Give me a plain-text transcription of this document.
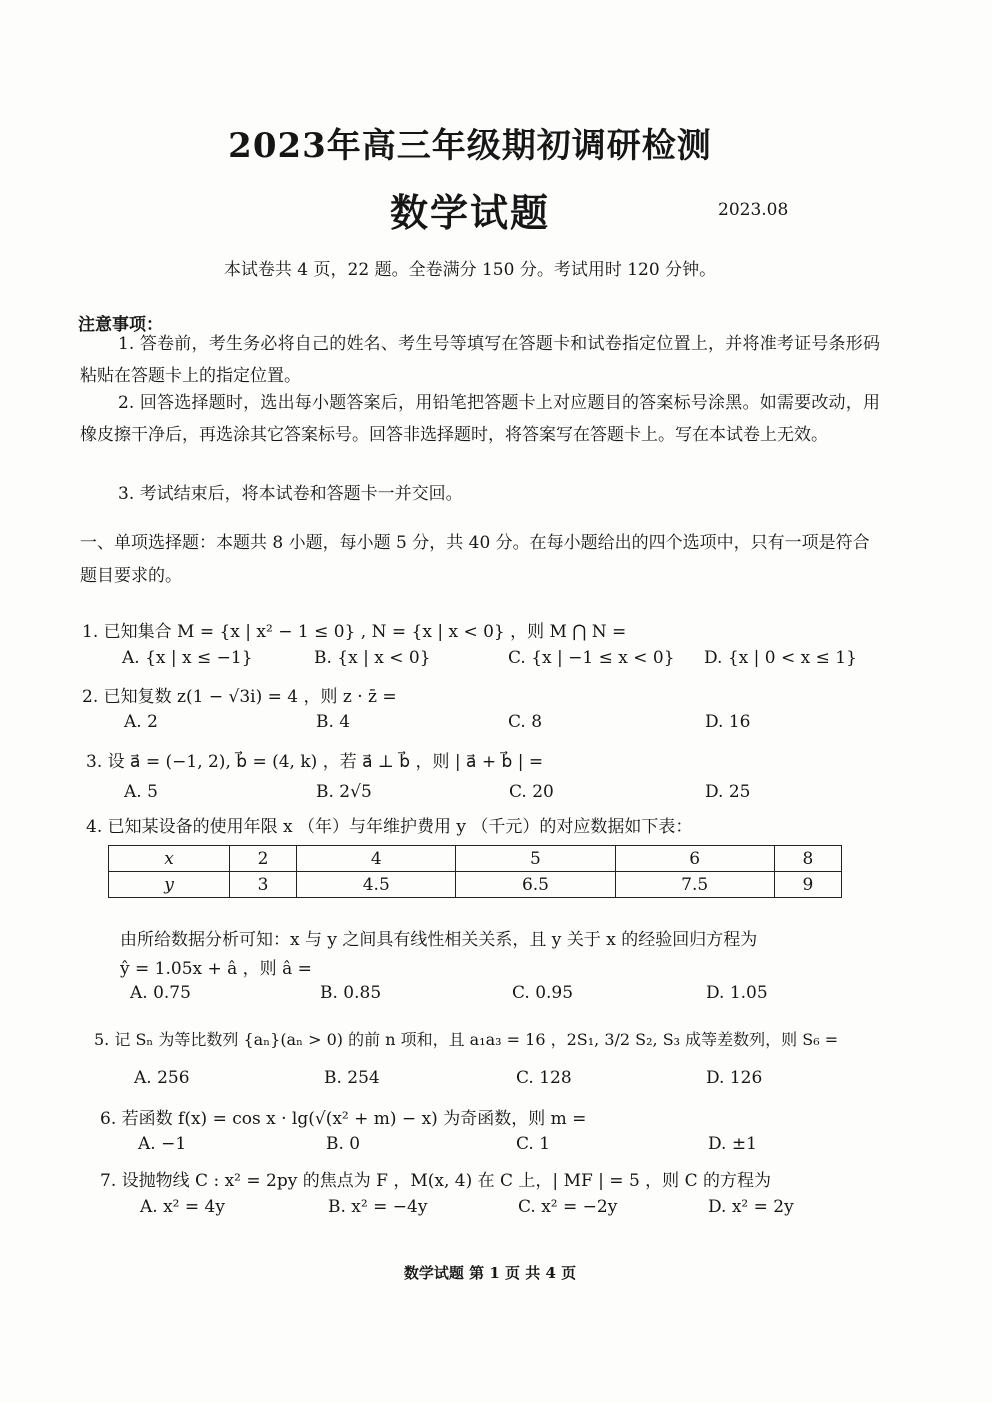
2023年高三年级期初调研检测
数学试题	2023.08
本试卷共 4 页，22 题。全卷满分 150 分。考试用时 120 分钟。
注意事项：
1. 答卷前，考生务必将自己的姓名、考生号等填写在答题卡和试卷指定位置上，并将准考证号条形码粘贴在答题卡上的指定位置。
2. 回答选择题时，选出每小题答案后，用铅笔把答题卡上对应题目的答案标号涂黑。如需要改动，用橡皮擦干净后，再选涂其它答案标号。回答非选择题时，将答案写在答题卡上。写在本试卷上无效。
3. 考试结束后，将本试卷和答题卡一并交回。
一、单项选择题：本题共 8 小题，每小题 5 分，共 40 分。在每小题给出的四个选项中，只有一项是符合题目要求的。
1. 已知集合 M = {x | x² − 1 ≤ 0} , N = {x | x < 0} ，则 M ⋂ N =
A. {x | x ≤ −1}	B. {x | x < 0}	C. {x | −1 ≤ x < 0} D. {x | 0 < x ≤ 1}
2. 已知复数 z(1 − √3i) = 4 ，则 z · z̄ =
A. 2	B. 4	C. 8	D. 16
3. 设 a⃗ = (−1, 2), b⃗ = (4, k) ，若 a⃗ ⊥ b⃗ ，则 | a⃗ + b⃗ | =
A. 5	B. 2√5	C. 20	D. 25
4. 已知某设备的使用年限 x （年）与年维护费用 y （千元）的对应数据如下表：
x	2	4	5	6	8
y	3	4.5	6.5	7.5	9
由所给数据分析可知：x 与 y 之间具有线性相关关系，且 y 关于 x 的经验回归方程为
ŷ = 1.05x + â ，则 â =
A. 0.75	B. 0.85	C. 0.95	D. 1.05
5. 记 Sₙ 为等比数列 {aₙ}(aₙ > 0) 的前 n 项和，且 a₁a₃ = 16 ，2S₁, 3/2 S₂, S₃ 成等差数列，则 S₆ =
A. 256	B. 254	C. 128	D. 126
6. 若函数 f(x) = cos x · lg(√(x² + m) − x) 为奇函数，则 m =
A. −1	B. 0	C. 1	D. ±1
7. 设抛物线 C : x² = 2py 的焦点为 F ，M(x, 4) 在 C 上，| MF | = 5 ，则 C 的方程为
A. x² = 4y	B. x² = −4y	C. x² = −2y	D. x² = 2y
数学试题 第 1 页 共 4 页
